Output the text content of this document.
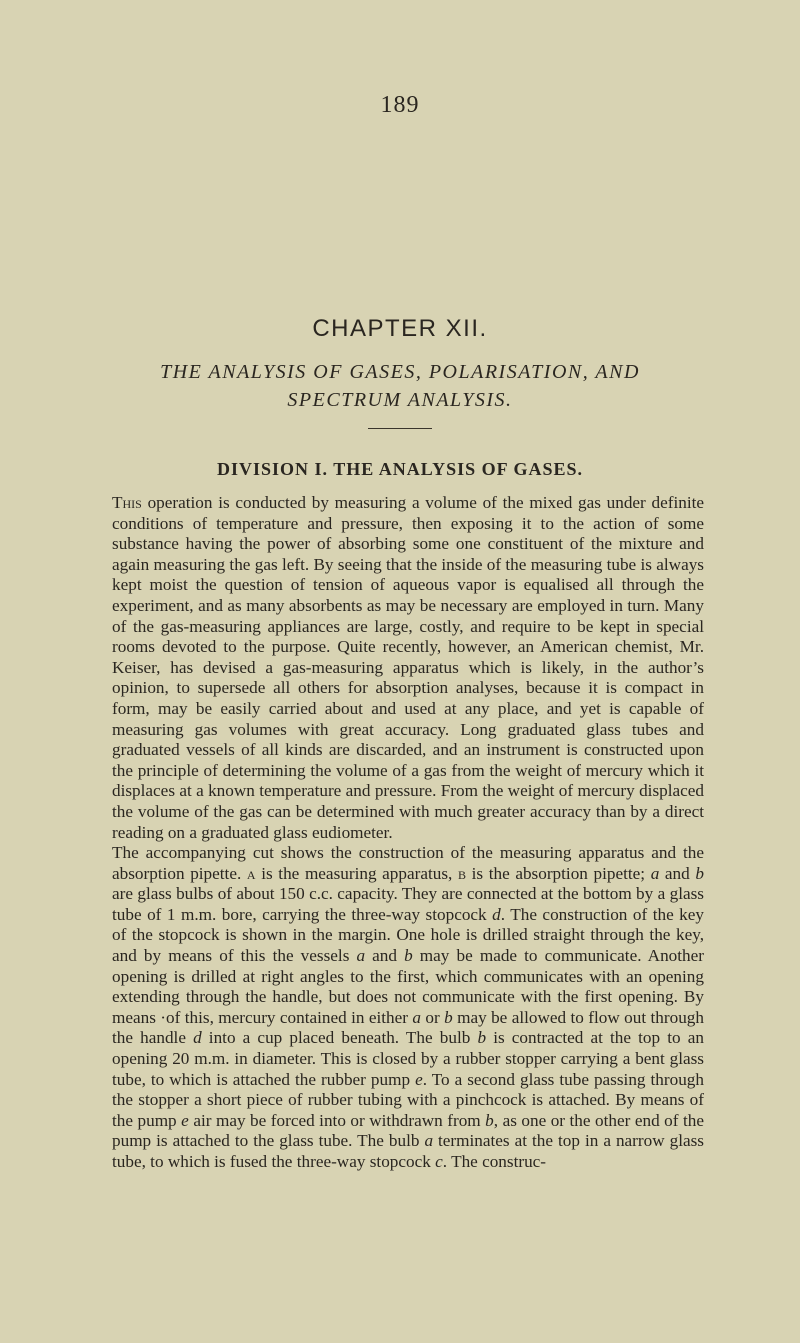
189
CHAPTER XII.
THE ANALYSIS OF GASES, POLARISATION, AND
SPECTRUM ANALYSIS.
DIVISION I. THE ANALYSIS OF GASES.

This operation is conducted by measuring a volume of the mixed gas under definite conditions of temperature and pressure, then exposing it to the action of some substance having the power of absorbing some one constituent of the mixture and again measuring the gas left. By seeing that the inside of the measuring tube is always kept moist the question of tension of aqueous vapor is equalised all through the experiment, and as many absorbents as may be necessary are employed in turn. Many of the gas-measuring appliances are large, costly, and require to be kept in special rooms devoted to the purpose. Quite recently, however, an American chemist, Mr. Keiser, has devised a gas-measuring apparatus which is likely, in the author’s opinion, to supersede all others for absorption analyses, because it is compact in form, may be easily carried about and used at any place, and yet is capable of measuring gas volumes with great accuracy. Long graduated glass tubes and graduated vessels of all kinds are discarded, and an instrument is constructed upon the principle of determining the volume of a gas from the weight of mercury which it displaces at a known temperature and pressure. From the weight of mercury displaced the volume of the gas can be determined with much greater accuracy than by a direct reading on a graduated glass eudiometer.

The accompanying cut shows the construction of the measuring apparatus and the absorption pipette. a is the measuring apparatus, b is the absorption pipette; a and b are glass bulbs of about 150 c.c. capacity. They are connected at the bottom by a glass tube of 1 m.m. bore, carrying the three-way stopcock d. The construction of the key of the stopcock is shown in the margin. One hole is drilled straight through the key, and by means of this the vessels a and b may be made to communicate. Another opening is drilled at right angles to the first, which communicates with an opening extending through the handle, but does not communicate with the first opening. By means ·of this, mercury contained in either a or b may be allowed to flow out through the handle d into a cup placed beneath. The bulb b is contracted at the top to an opening 20 m.m. in diameter. This is closed by a rubber stopper carrying a bent glass tube, to which is attached the rubber pump e. To a second glass tube passing through the stopper a short piece of rubber tubing with a pinchcock is attached. By means of the pump e air may be forced into or withdrawn from b, as one or the other end of the pump is attached to the glass tube. The bulb a terminates at the top in a narrow glass tube, to which is fused the three-way stopcock c. The construc-
